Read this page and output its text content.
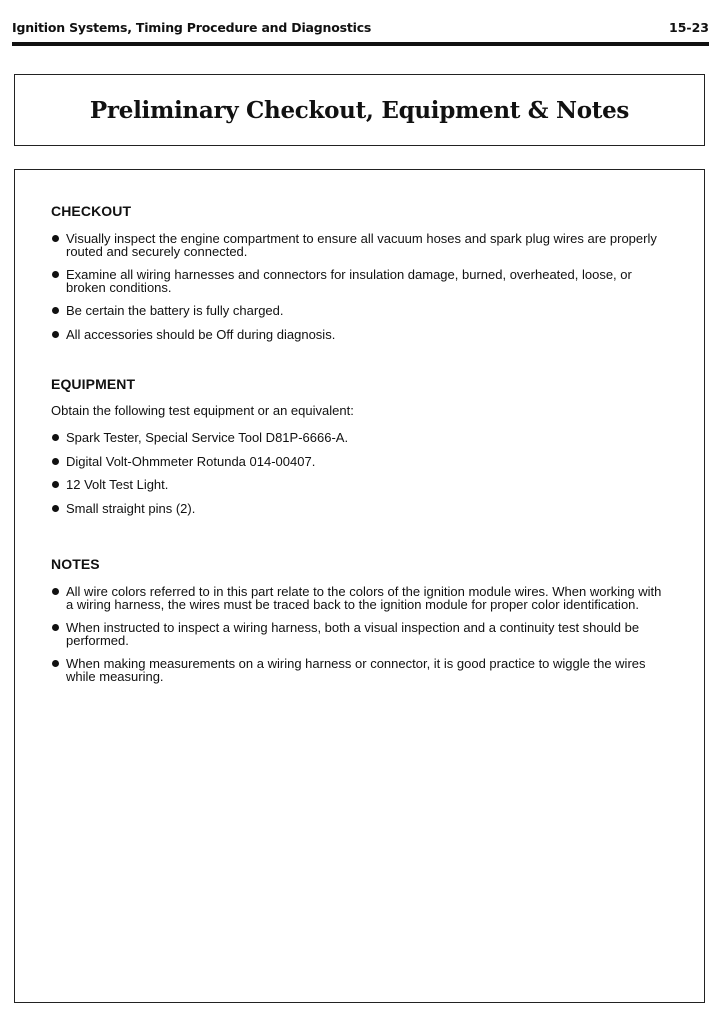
Ignition Systems, Timing Procedure and Diagnostics	15-23
Preliminary Checkout, Equipment & Notes
CHECKOUT
Visually inspect the engine compartment to ensure all vacuum hoses and spark plug wires are properly routed and securely connected.
Examine all wiring harnesses and connectors for insulation damage, burned, overheated, loose, or broken conditions.
Be certain the battery is fully charged.
All accessories should be Off during diagnosis.
EQUIPMENT

Obtain the following test equipment or an equivalent:

Spark Tester, Special Service Tool D81P-6666-A.
Digital Volt-Ohmmeter Rotunda 014-00407.
12 Volt Test Light.
Small straight pins (2).
NOTES
All wire colors referred to in this part relate to the colors of the ignition module wires. When working with a wiring harness, the wires must be traced back to the ignition module for proper color identification.
When instructed to inspect a wiring harness, both a visual inspection and a continuity test should be performed.
When making measurements on a wiring harness or connector, it is good practice to wiggle the wires while measuring.
